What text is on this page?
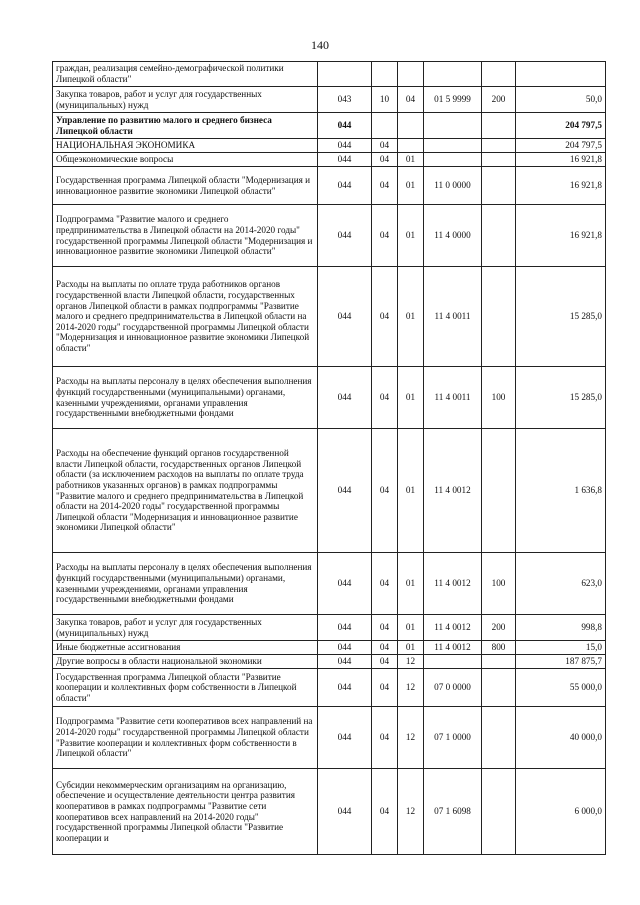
140
граждан, реализация семейно-демографической политики Липецкой области"						
Закупка товаров, работ и услуг для государственных (муниципальных) нужд	043	10	04	01 5 9999	200	50,0
Управление по развитию малого и среднего бизнеса Липецкой области	044					204 797,5
НАЦИОНАЛЬНАЯ ЭКОНОМИКА	044	04				204 797,5
Общеэкономические вопросы	044	04	01			16 921,8
Государственная программа Липецкой области "Модернизация и инновационное развитие экономики Липецкой области"	044	04	01	11 0 0000		16 921,8
Подпрограмма "Развитие малого и среднего предпринимательства в Липецкой области на 2014-2020 годы" государственной программы Липецкой области "Модернизация и инновационное развитие экономики Липецкой области"	044	04	01	11 4 0000		16 921,8
Расходы на выплаты по оплате труда работников органов государственной власти Липецкой области, государственных органов Липецкой области в рамках подпрограммы "Развитие малого и среднего предпринимательства в Липецкой области на 2014-2020 годы" государственной программы Липецкой области "Модернизация и инновационное развитие экономики Липецкой области"	044	04	01	11 4 0011		15 285,0
Расходы на выплаты персоналу в целях обеспечения выполнения функций государственными (муниципальными) органами, казенными учреждениями, органами управления государственными внебюджетными фондами	044	04	01	11 4 0011	100	15 285,0
Расходы на обеспечение функций органов государственной власти Липецкой области, государственных органов Липецкой области (за исключением расходов на выплаты по оплате труда работников указанных органов) в рамках подпрограммы "Развитие малого и среднего предпринимательства в Липецкой области на 2014-2020 годы" государственной программы Липецкой области "Модернизация и инновационное развитие экономики Липецкой области"	044	04	01	11 4 0012		1 636,8
Расходы на выплаты персоналу в целях обеспечения выполнения функций государственными (муниципальными) органами, казенными учреждениями, органами управления государственными внебюджетными фондами	044	04	01	11 4 0012	100	623,0
Закупка товаров, работ и услуг для государственных (муниципальных) нужд	044	04	01	11 4 0012	200	998,8
Иные бюджетные ассигнования	044	04	01	11 4 0012	800	15,0
Другие вопросы в области национальной экономики	044	04	12			187 875,7
Государственная программа Липецкой области "Развитие кооперации и коллективных форм собственности в Липецкой области"	044	04	12	07 0 0000		55 000,0
Подпрограмма "Развитие сети кооперативов всех направлений на 2014-2020 годы" государственной программы Липецкой области "Развитие кооперации и коллективных форм собственности в Липецкой области"	044	04	12	07 1 0000		40 000,0
Субсидии некоммерческим организациям на организацию, обеспечение и осуществление деятельности центра развития кооперативов в рамках подпрограммы "Развитие сети кооперативов всех направлений на 2014-2020 годы" государственной программы Липецкой области "Развитие кооперации и	044	04	12	07 1 6098		6 000,0
